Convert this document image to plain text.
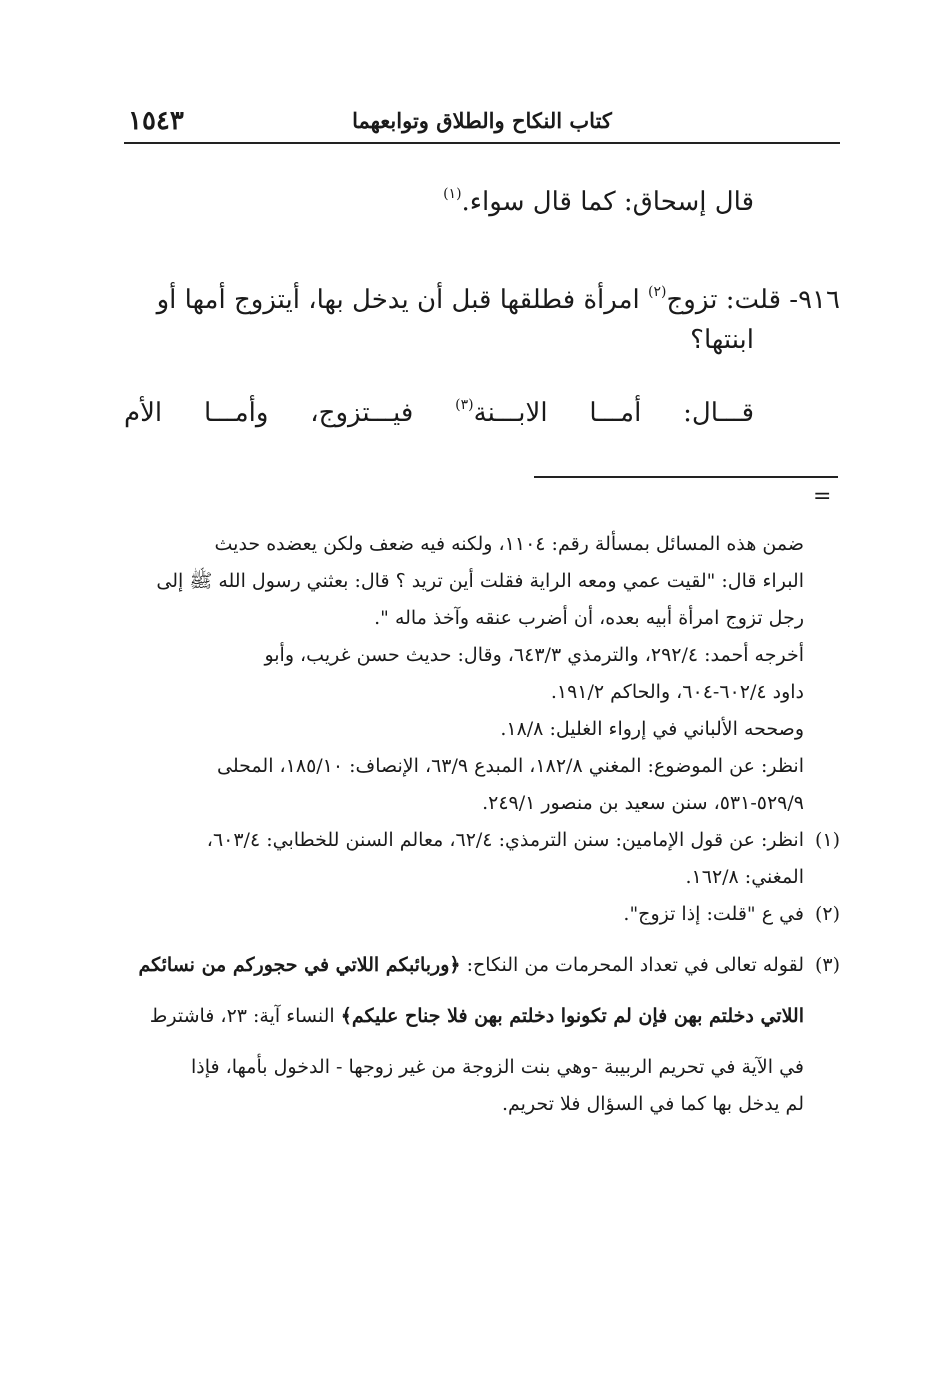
١٥٤٣	كتاب النكاح والطلاق وتوابعهما
قال إسحاق: كما قال سواء.$^{(١)}$
٩١٦- قلت: تزوج$^{(٢)}$ امرأة فطلقها قبل أن يدخل بها، أيتزوج أمها أو
ابنتها؟
قـــال: أمـــا الابـــنة$^{(٣)}$ فيـــتزوج، وأمـــا الأم
=
ضمن هذه المسائل بمسألة رقم: ١١٠٤، ولكنه فيه ضعف ولكن يعضده حديث
البراء قال: "لقيت عمي ومعه الراية فقلت أين تريد ؟ قال: بعثني رسول الله ﷺ إلى
رجل تزوج امرأة أبيه بعده، أن أضرب عنقه وآخذ ماله ".
أخرجه أحمد: ٢٩٢/٤، والترمذي ٦٤٣/٣، وقال: حديث حسن غريب، وأبو
داود ٦٠٢/٤-٦٠٤، والحاكم ١٩١/٢.
وصححه الألباني في إرواء الغليل: ١٨/٨.
انظر: عن الموضوع: المغني ١٨٢/٨، المبدع ٦٣/٩، الإنصاف: ١٨٥/١٠، المحلى
٥٢٩/٩-٥٣١، سنن سعيد بن منصور ٢٤٩/١.
(١)انظر: عن قول الإمامين: سنن الترمذي: ٦٢/٤، معالم السنن للخطابي: ٦٠٣/٤،
المغني: ١٦٢/٨.
(٢)في ع "قلت: إذا تزوج".
(٣)لقوله تعالى في تعداد المحرمات من النكاح: ﴿وربائبكم اللاتي في حجوركم من نسائكم
اللاتي دخلتم بهن فإن لم تكونوا دخلتم بهن فلا جناح عليكم﴾ النساء آية: ٢٣، فاشترط
في الآية في تحريم الربيبة -وهي بنت الزوجة من غير زوجها - الدخول بأمها، فإذا
لم يدخل بها كما في السؤال فلا تحريم.
